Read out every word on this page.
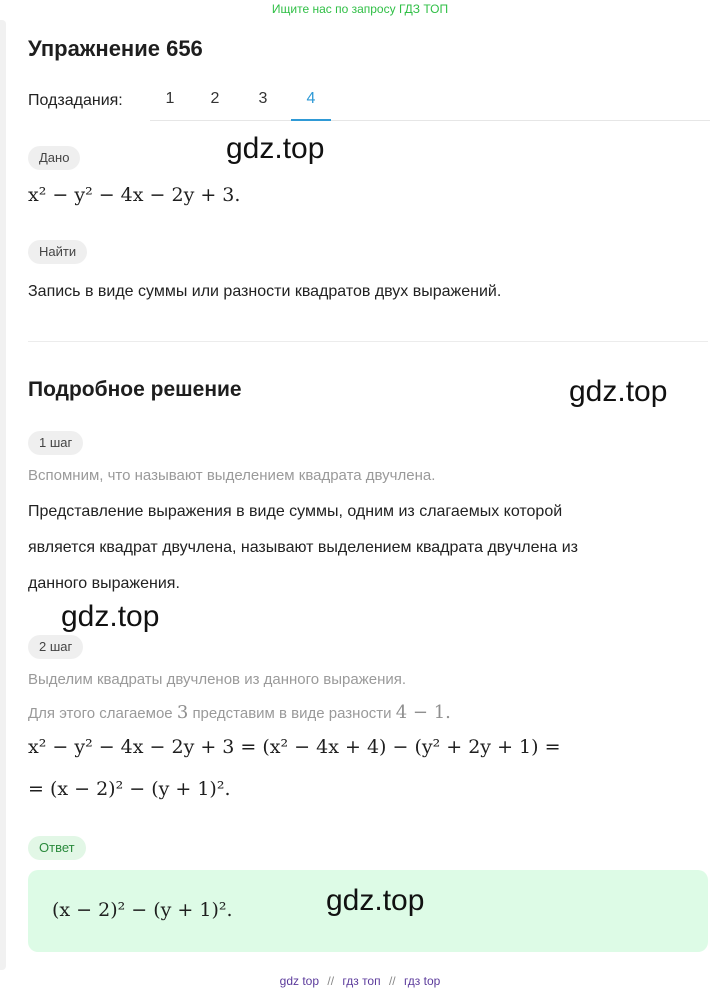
Ищите нас по запросу ГДЗ ТОП
Упражнение 656
Подзадания:	1	2	3	4
Дано
x² − y² − 4x − 2y + 3.
Найти
Запись в виде суммы или разности квадратов двух выражений.
Подробное решение
1 шаг
Вспомним, что называют выделением квадрата двучлена.
Представление выражения в виде суммы, одним из слагаемых которой
является квадрат двучлена, называют выделением квадрата двучлена из
данного выражения.
2 шаг
Выделим квадраты двучленов из данного выражения.
Для этого слагаемое 3 представим в виде разности 4 − 1.
x² − y² − 4x − 2y + 3 = (x² − 4x + 4) − (y² + 2y + 1) =
= (x − 2)² − (y + 1)².
Ответ
(x − 2)² − (y + 1)².
gdz.top
gdz.top
gdz.top
gdz.top
gdz top // гдз топ // гдз top
